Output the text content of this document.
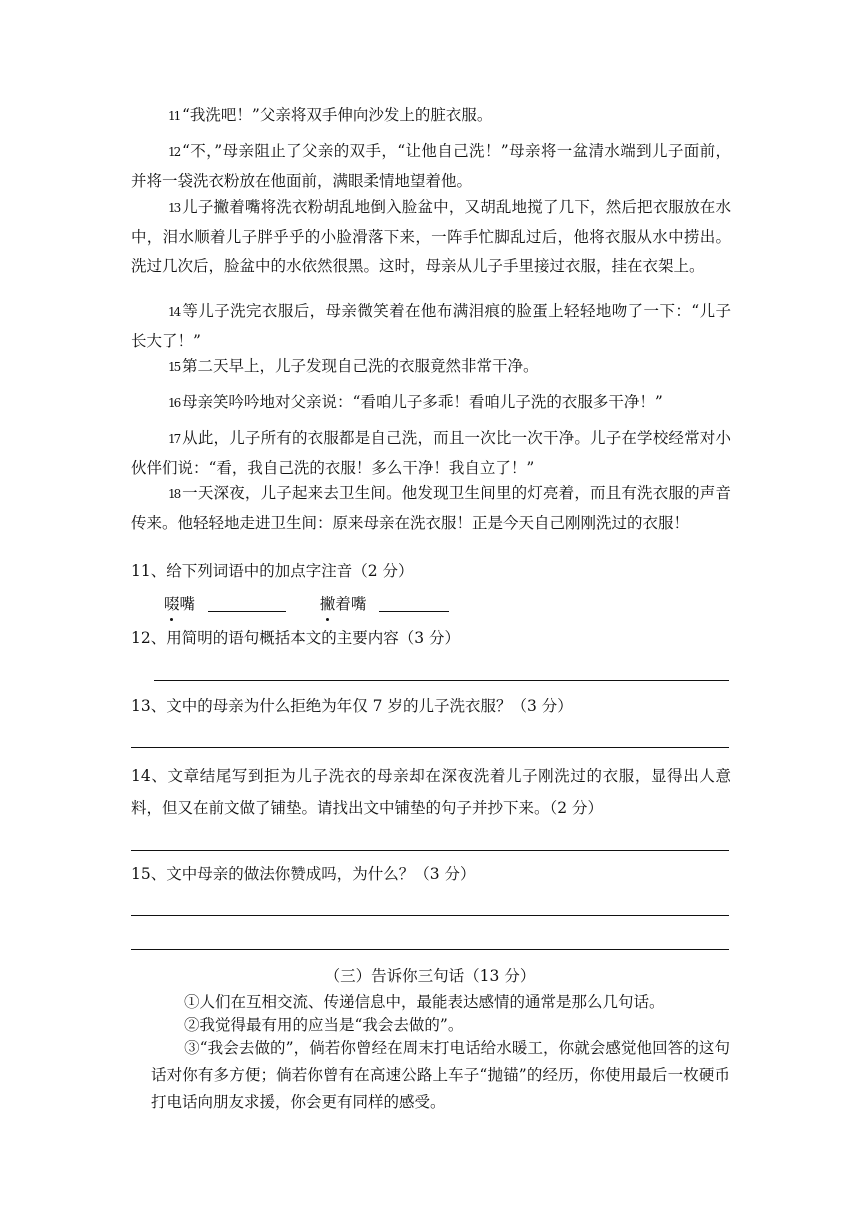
11 “我洗吧！”父亲将双手伸向沙发上的脏衣服。

12 “不，”母亲阻止了父亲的双手，“让他自己洗！”母亲将一盆清水端到儿子面前，并将一袋洗衣粉放在他面前，满眼柔情地望着他。

13 儿子撇着嘴将洗衣粉胡乱地倒入脸盆中，又胡乱地搅了几下，然后把衣服放在水中，泪水顺着儿子胖乎乎的小脸滑落下来，一阵手忙脚乱过后，他将衣服从水中捞出。洗过几次后，脸盆中的水依然很黑。这时，母亲从儿子手里接过衣服，挂在衣架上。

14 等儿子洗完衣服后，母亲微笑着在他布满泪痕的脸蛋上轻轻地吻了一下：“儿子长大了！”

15 第二天早上，儿子发现自己洗的衣服竟然非常干净。

16 母亲笑吟吟地对父亲说：“看咱儿子多乖！看咱儿子洗的衣服多干净！”

17 从此，儿子所有的衣服都是自己洗，而且一次比一次干净。儿子在学校经常对小伙伴们说：“看，我自己洗的衣服！多么干净！我自立了！”

18 一天深夜，儿子起来去卫生间。他发现卫生间里的灯亮着，而且有洗衣服的声音传来。他轻轻地走进卫生间：原来母亲在洗衣服！正是今天自己刚刚洗过的衣服！

11、给下列词语中的加点字注音（2 分）

啜嘴	撇着嘴

12、用简明的语句概括本文的主要内容（3 分）

13、文中的母亲为什么拒绝为年仅 7 岁的儿子洗衣服？（3 分）

14、文章结尾写到拒为儿子洗衣的母亲却在深夜洗着儿子刚洗过的衣服，显得出人意料，但又在前文做了铺垫。请找出文中铺垫的句子并抄下来。（2 分）

15、文中母亲的做法你赞成吗，为什么？（3 分）

（三）告诉你三句话（13 分）

①人们在互相交流、传递信息中，最能表达感情的通常是那么几句话。

②我觉得最有用的应当是“我会去做的”。

③“我会去做的”，倘若你曾经在周末打电话给水暖工，你就会感觉他回答的这句话对你有多方便；倘若你曾有在高速公路上车子“抛锚”的经历，你使用最后一枚硬币打电话向朋友求援，你会更有同样的感受。
